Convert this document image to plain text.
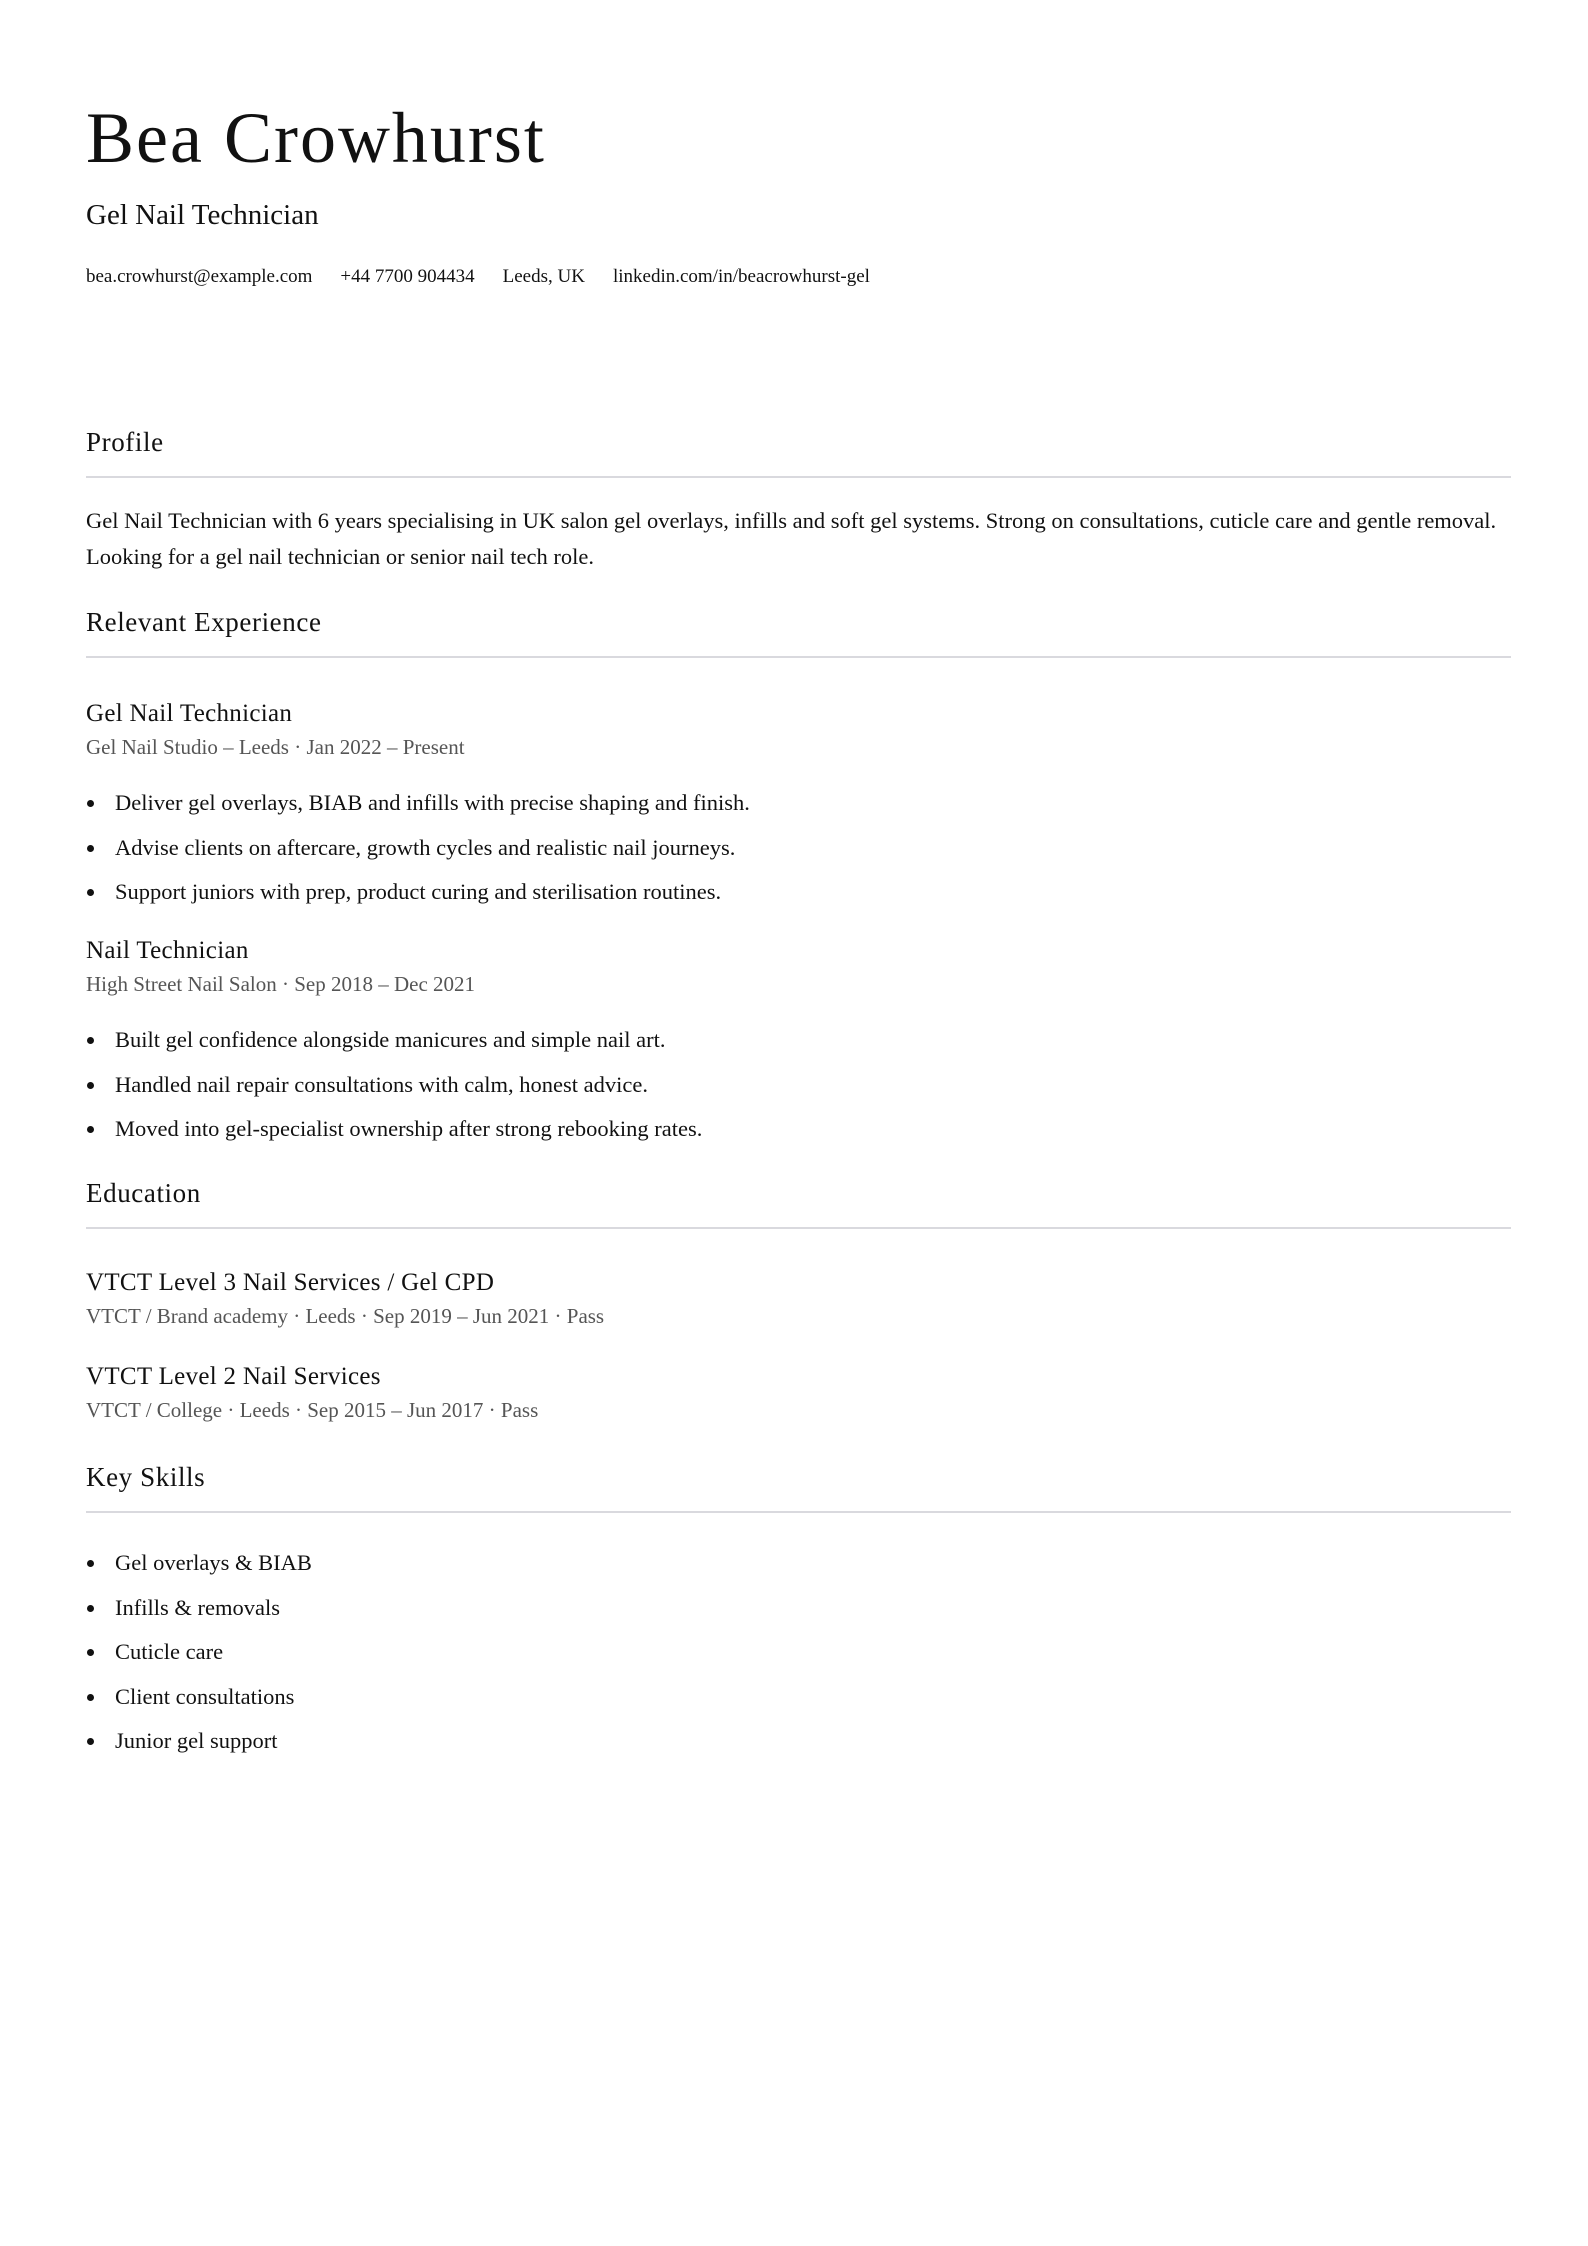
Bea Crowhurst
Gel Nail Technician
bea.crowhurst@example.com +44 7700 904434 Leeds, UK linkedin.com/in/beacrowhurst-gel
Profile

Gel Nail Technician with 6 years specialising in UK salon gel overlays, infills and soft gel systems. Strong on consultations, cuticle care and gentle removal. Looking for a gel nail technician or senior nail tech role.

Relevant Experience
Gel Nail Technician
Gel Nail Studio – Leeds · Jan 2022 – Present
Deliver gel overlays, BIAB and infills with precise shaping and finish.
Advise clients on aftercare, growth cycles and realistic nail journeys.
Support juniors with prep, product curing and sterilisation routines.
Nail Technician
High Street Nail Salon · Sep 2018 – Dec 2021
Built gel confidence alongside manicures and simple nail art.
Handled nail repair consultations with calm, honest advice.
Moved into gel-specialist ownership after strong rebooking rates.
Education
VTCT Level 3 Nail Services / Gel CPD
VTCT / Brand academy · Leeds · Sep 2019 – Jun 2021 · Pass
VTCT Level 2 Nail Services
VTCT / College · Leeds · Sep 2015 – Jun 2017 · Pass
Key Skills
Gel overlays & BIAB
Infills & removals
Cuticle care
Client consultations
Junior gel support
